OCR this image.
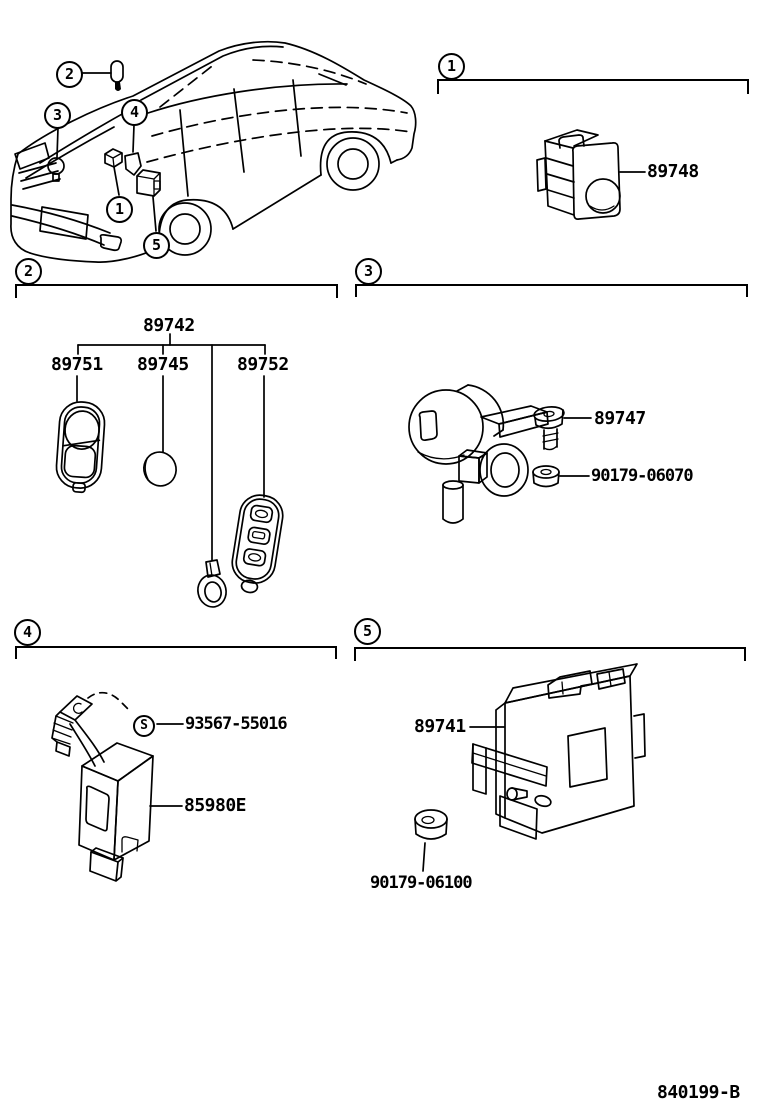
2
3	4
1
5
1
2	3
4	5
89748
89742
89751 89745	89752
89747
90179-06070
93567-55016
85980E
89741
90179-06100
S
840199-B
